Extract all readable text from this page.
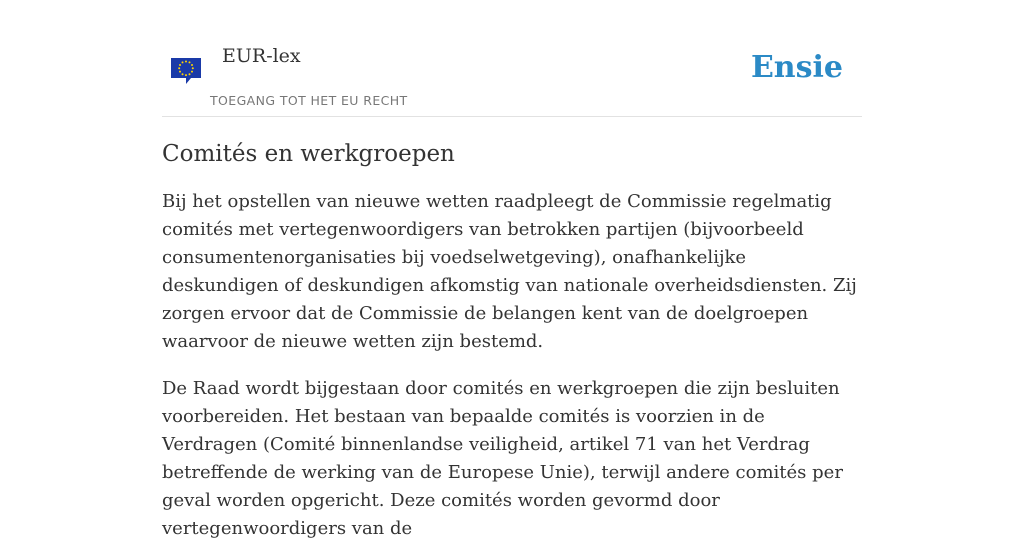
EUR-lex
TOEGANG TOT HET EU RECHT
Ensie
Comités en werkgroepen

Bij het opstellen van nieuwe wetten raadpleegt de Commissie regelmatig comités met vertegenwoordigers van betrokken partijen (bijvoorbeeld consumentenorganisaties bij voedselwetgeving), onafhankelijke deskundigen of deskundigen afkomstig van nationale overheidsdiensten. Zij zorgen ervoor dat de Commissie de belangen kent van de doelgroepen waarvoor de nieuwe wetten zijn bestemd.

De Raad wordt bijgestaan door comités en werkgroepen die zijn besluiten voorbereiden. Het bestaan van bepaalde comités is voorzien in de Verdragen (Comité binnenlandse veiligheid, artikel 71 van het Verdrag betreffende de werking van de Europese Unie), terwijl andere comités per geval worden opgericht. Deze comités worden gevormd door vertegenwoordigers van de
